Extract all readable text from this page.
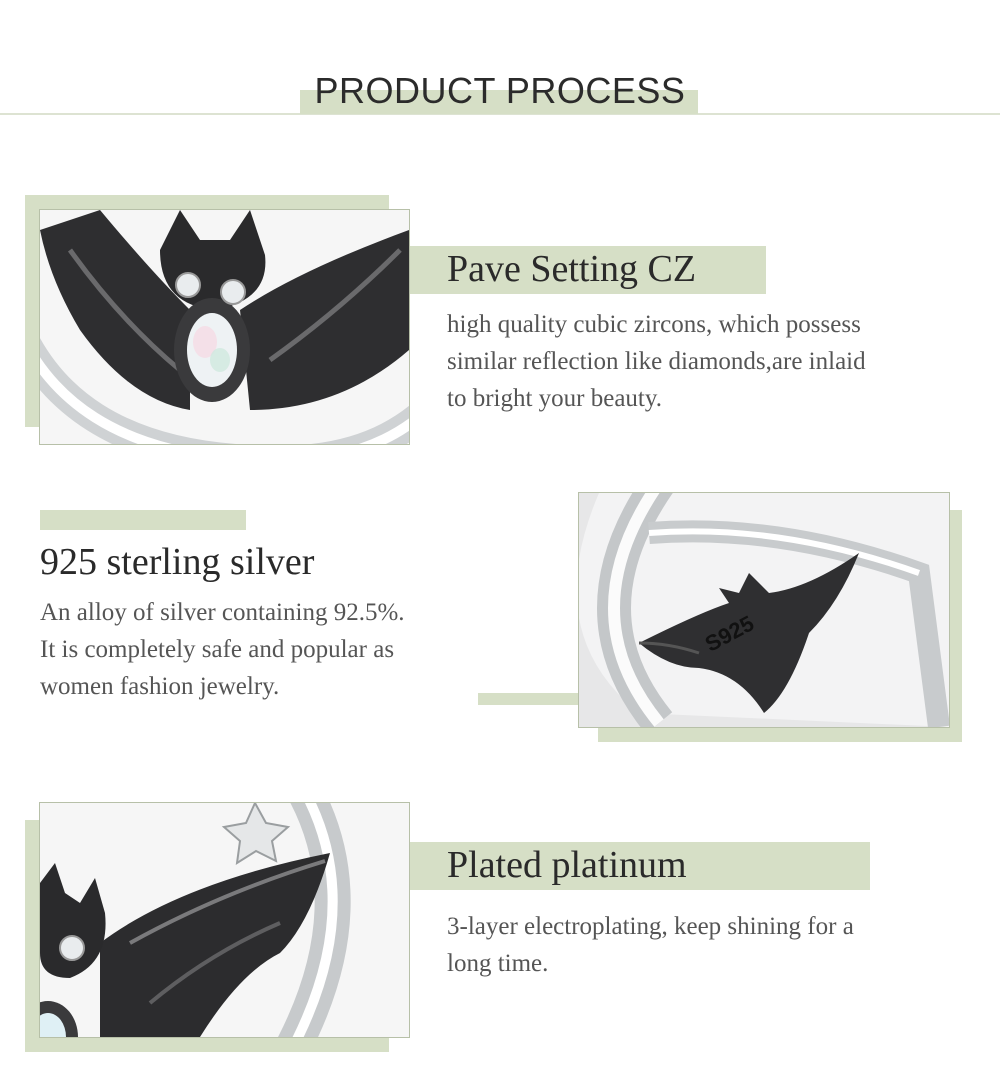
PRODUCT PROCESS
Pave Setting CZ
high quality cubic zircons, which possess
similar reflection like diamonds,are inlaid
to bright your beauty.
925 sterling silver
An alloy of silver containing 92.5%.
It is completely safe and popular as
women fashion jewelry.
S925
Plated platinum
3-layer electroplating, keep shining for a
long time.
